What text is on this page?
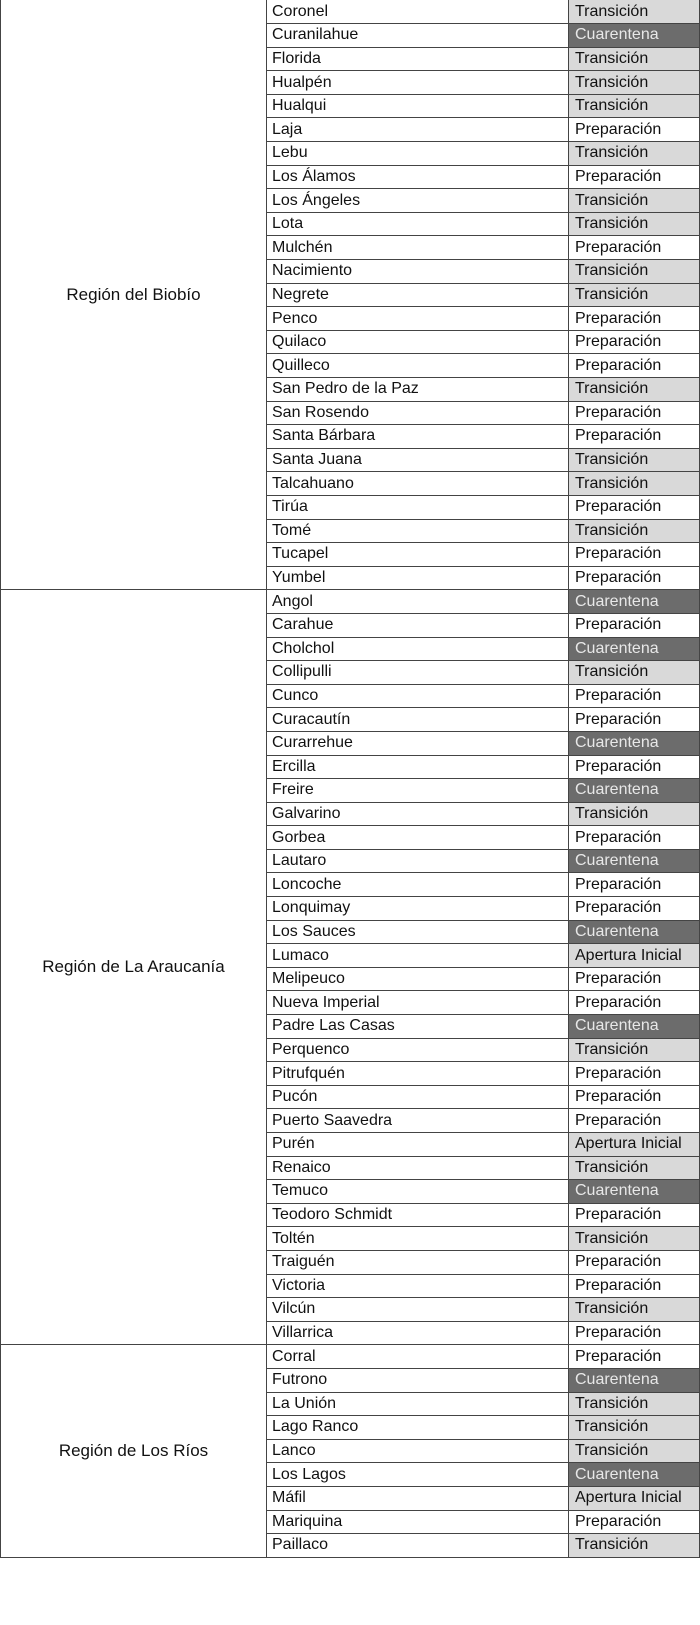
Región del Biobío	Coronel	Transición
	Curanilahue	Cuarentena
	Florida	Transición
	Hualpén	Transición
	Hualqui	Transición
	Laja	Preparación
	Lebu	Transición
	Los Álamos	Preparación
	Los Ángeles	Transición
	Lota	Transición
	Mulchén	Preparación
	Nacimiento	Transición
	Negrete	Transición
	Penco	Preparación
	Quilaco	Preparación
	Quilleco	Preparación
	San Pedro de la Paz	Transición
	San Rosendo	Preparación
	Santa Bárbara	Preparación
	Santa Juana	Transición
	Talcahuano	Transición
	Tirúa	Preparación
	Tomé	Transición
	Tucapel	Preparación
	Yumbel	Preparación
Región de La Araucanía	Angol	Cuarentena
	Carahue	Preparación
	Cholchol	Cuarentena
	Collipulli	Transición
	Cunco	Preparación
	Curacautín	Preparación
	Curarrehue	Cuarentena
	Ercilla	Preparación
	Freire	Cuarentena
	Galvarino	Transición
	Gorbea	Preparación
	Lautaro	Cuarentena
	Loncoche	Preparación
	Lonquimay	Preparación
	Los Sauces	Cuarentena
	Lumaco	Apertura Inicial
	Melipeuco	Preparación
	Nueva Imperial	Preparación
	Padre Las Casas	Cuarentena
	Perquenco	Transición
	Pitrufquén	Preparación
	Pucón	Preparación
	Puerto Saavedra	Preparación
	Purén	Apertura Inicial
	Renaico	Transición
	Temuco	Cuarentena
	Teodoro Schmidt	Preparación
	Toltén	Transición
	Traiguén	Preparación
	Victoria	Preparación
	Vilcún	Transición
	Villarrica	Preparación
Región de Los Ríos	Corral	Preparación
	Futrono	Cuarentena
	La Unión	Transición
	Lago Ranco	Transición
	Lanco	Transición
	Los Lagos	Cuarentena
	Máfil	Apertura Inicial
	Mariquina	Preparación
	Paillaco	Transición
